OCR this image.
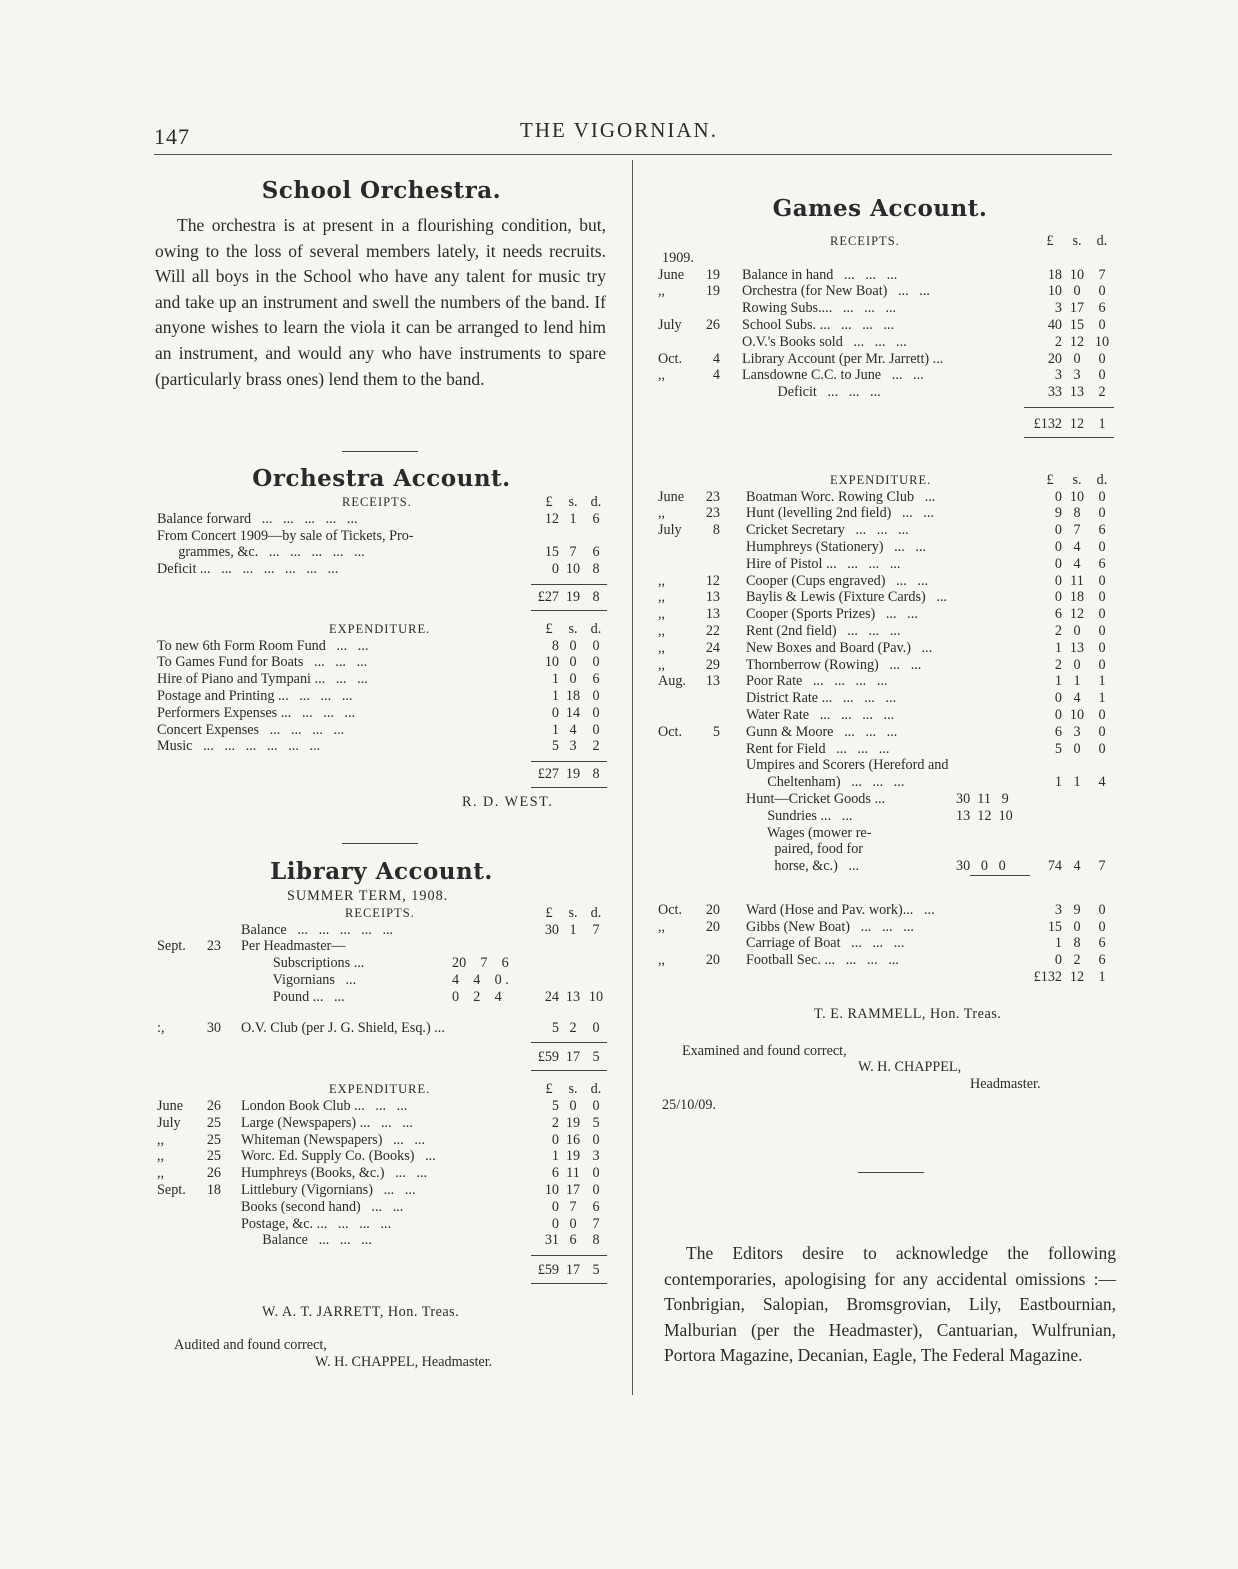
147	THE VIGORNIAN.
School Orchestra.
The orchestra is at present in a flourishing condition, but, owing to the loss of several members lately, it needs recruits. Will all boys in the School who have any talent for music try and take up an instrument and swell the numbers of the band. If anyone wishes to learn the viola it can be arranged to lend him an instrument, and would any who have instruments to spare (particularly brass ones) lend them to the band.
Orchestra Account.
RECEIPTS.	£	s. d.
Balance forward   ...   ...   ...   ...   ...	12 1	6
From Concert 1909—by sale of Tickets, Pro-
grammes, &c.   ...   ...   ...   ...   ...	15 7	6
Deficit ...   ...   ...   ...   ...   ...   ...	0 10 8
£27 19 8
EXPENDITURE.	£	s. d.
To new 6th Form Room Fund   ...   ...	8 0	0
To Games Fund for Boats   ...   ...   ...	10 0	0
Hire of Piano and Tympani ...   ...   ...	1 0	6
Postage and Printing ...   ...   ...   ...	1 18 0
Performers Expenses ...   ...   ...   ...	0 14 0
Concert Expenses   ...   ...   ...   ...	1 4	0
Music   ...   ...   ...   ...   ...   ...	5 3	2
£27 19 8
R. D. WEST.
Library Account.
SUMMER TERM, 1908.
RECEIPTS.	£	s. d.
Balance   ...   ...   ...   ...   ...	30 1	7
Sept.	23 Per Headmaster—
Subscriptions ...	20    7    6
Vigornians   ...	4    4    0 .
Pound ...   ...	0    2    4	24 13 10
:,	30 O.V. Club (per J. G. Shield, Esq.) ...	5 2	0
£59 17 5
EXPENDITURE.	£	s. d.
June	26 London Book Club ...   ...   ...	5 0	0
July	25 Large (Newspapers) ...   ...   ...	2 19 5
,,	25 Whiteman (Newspapers)   ...   ...	0 16 0
,,	25 Worc. Ed. Supply Co. (Books)   ...	1 19 3
,,	26 Humphreys (Books, &c.)   ...   ...	6 11 0
Sept.	18 Littlebury (Vigornians)   ...   ...	10 17 0
Books (second hand)   ...   ...	0 7	6
Postage, &c. ...   ...   ...   ...	0 0	7
Balance   ...   ...   ...	31 6	8
£59 17 5
W. A. T. JARRETT, Hon. Treas.
Audited and found correct,
W. H. CHAPPEL, Headmaster.
Games Account.
RECEIPTS.	£	s.	d.
1909.
June	19 Balance in hand   ...   ...   ...	18 10	7
,,	19 Orchestra (for New Boat)   ...   ...	10 0	0
Rowing Subs....   ...   ...   ...	3 17	6
July	26 School Subs. ...   ...   ...   ...	40 15	0
O.V.'s Books sold   ...   ...   ...	2 12 10
Oct.	4 Library Account (per Mr. Jarrett) ...	20 0	0
,,	4 Lansdowne C.C. to June   ...   ...	3 3	0
Deficit   ...   ...   ...	33 13	2
£132 12	1
EXPENDITURE.	£	s.	d.
June	23 Boatman Worc. Rowing Club   ...	0 10	0
,,	23 Hunt (levelling 2nd field)   ...   ...	9 8	0
July	8 Cricket Secretary   ...   ...   ...	0 7	6
Humphreys (Stationery)   ...   ...	0 4	0
Hire of Pistol ...   ...   ...   ...	0 4	6
,,	12 Cooper (Cups engraved)   ...   ...	0 11	0
,,	13 Baylis & Lewis (Fixture Cards)   ...	0 18	0
,,	13 Cooper (Sports Prizes)   ...   ...	6 12	0
,,	22 Rent (2nd field)   ...   ...   ...	2 0	0
,,	24 New Boxes and Board (Pav.)   ...	1 13	0
,,	29 Thornberrow (Rowing)   ...   ...	2 0	0
Aug.	13 Poor Rate   ...   ...   ...   ...	1 1	1
District Rate ...   ...   ...   ...	0 4	1
Water Rate   ...   ...   ...   ...	0 10	0
Oct.	5 Gunn & Moore   ...   ...   ...	6 3	0
Rent for Field   ...   ...   ...	5 0	0
Umpires and Scorers (Hereford and
Cheltenham)   ...   ...   ...	1 1	4
Hunt—Cricket Goods ...	30  11   9
Sundries ...   ...	13  12  10
Wages (mower re-
paired, food for
horse, &c.)   ...	30   0   0	74 4	7
Oct.	20 Ward (Hose and Pav. work)...   ...	3 9	0
,,	20 Gibbs (New Boat)   ...   ...   ...	15 0	0
Carriage of Boat   ...   ...   ...	1 8	6
,,	20 Football Sec. ...   ...   ...   ...	0 2	6
£132 12	1
T. E. RAMMELL, Hon. Treas.
Examined and found correct,
W. H. CHAPPEL,
Headmaster.
25/10/09.
The Editors desire to acknowledge the following contemporaries, apologising for any accidental omissions :—Tonbrigian, Salopian, Bromsgrovian, Lily, Eastbournian, Malburian (per the Headmaster), Cantuarian, Wulfrunian, Portora Magazine, Decanian, Eagle, The Federal Magazine.
